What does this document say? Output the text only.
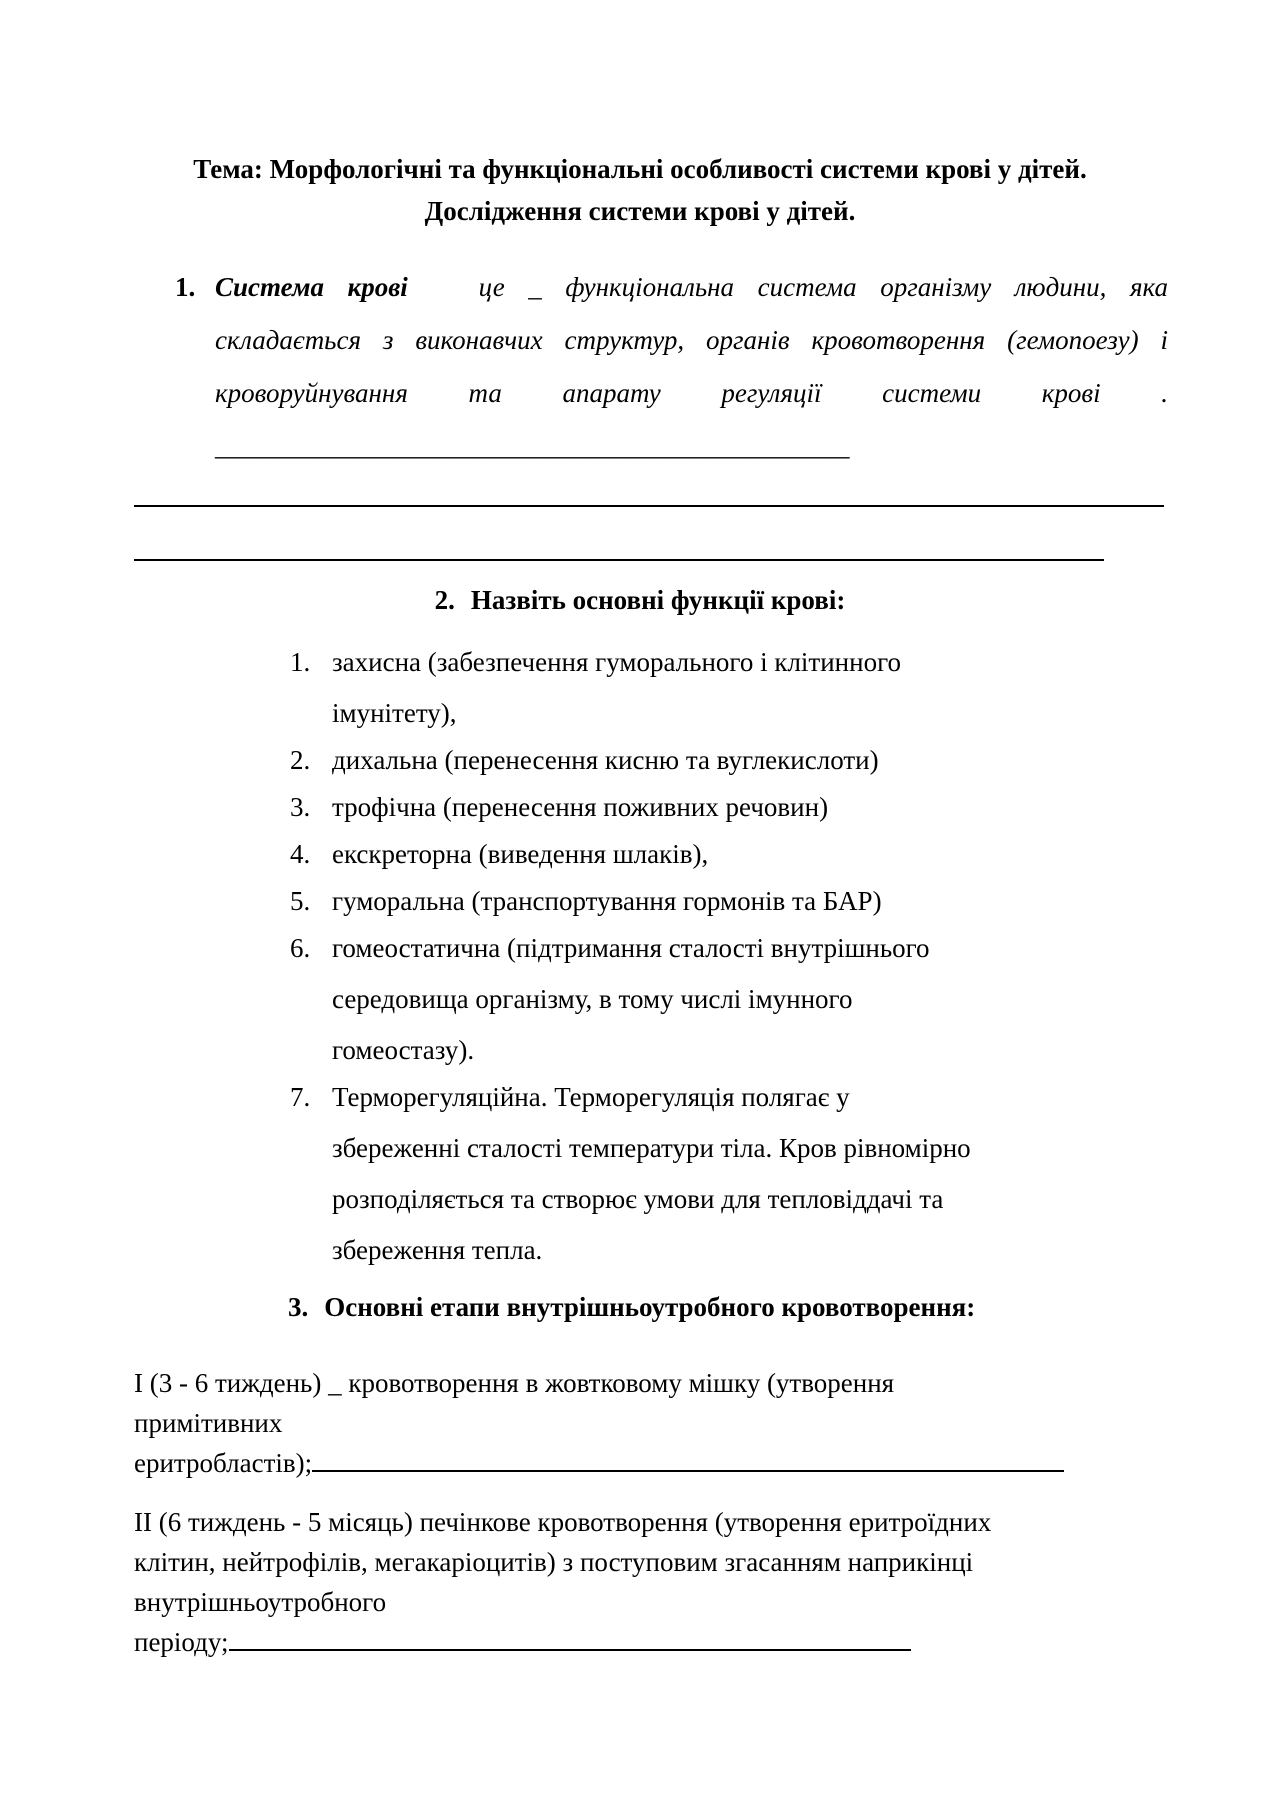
Тема: Морфологічні та функціональні особливості системи крові у дітей.
Дослідження системи крові у дітей.
1. Система крові	це _ функціональна система організму людини, яка
складається з виконавчих структур, органів кровотворення (гемопоезу) і
кроворуйнування та апарату регуляції системи крові .
_______________________________________________
2. Назвіть основні функції крові:
1. захисна (забезпечення гуморального і клітинного
імунітету),
2. дихальна (перенесення кисню та вуглекислоти)
3. трофічна (перенесення поживних речовин)
4. екскреторна (виведення шлаків),
5. гуморальна (транспортування гормонів та БАР)
6. гомеостатична (підтримання сталості внутрішнього
середовища організму, в тому числі імунного
гомеостазу).
7. Терморегуляційна. Терморегуляція полягає у
збереженні сталості температури тіла. Кров рівномірно
розподіляється та створює умови для тепловіддачі та
збереження тепла.
3. Основні етапи внутрішньоутробного кровотворення:
I (3 - 6 тиждень) _ кровотворення в жовтковому мішку (утворення
примітивних
еритробластів);
II (6 тиждень - 5 місяць) печінкове кровотворення (утворення еритроїдних
клітин, нейтрофілів, мегакаріоцитів) з поступовим згасанням наприкінці
внутрішньоутробного
періоду;
